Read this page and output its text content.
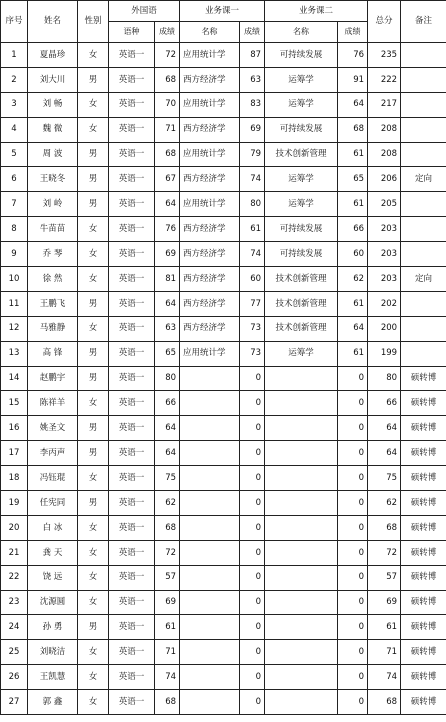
序号	姓名	性别	外国语		业务课一		业务课二		总分	备注
			语种	成绩	名称	成绩	名称	成绩		
1	夏晶珍	女	英语一	72	应用统计学	87	可持续发展	76	235	
2	刘大川	男	英语一	68	西方经济学	63	运筹学	91	222	
3	刘 畅	女	英语一	70	应用统计学	83	运筹学	64	217	
4	魏 微	女	英语一	71	西方经济学	69	可持续发展	68	208	
5	周 波	男	英语一	68	应用统计学	79	技术创新管理	61	208	
6	王晓冬	男	英语一	67	西方经济学	74	运筹学	65	206	定向
7	刘 岭	男	英语一	64	应用统计学	80	运筹学	61	205	
8	牛苗苗	女	英语一	76	西方经济学	61	可持续发展	66	203	
9	乔 琴	女	英语一	69	西方经济学	74	可持续发展	60	203	
10	徐 然	女	英语一	81	西方经济学	60	技术创新管理	62	203	定向
11	王鹏飞	男	英语一	64	西方经济学	77	技术创新管理	61	202	
12	马雅静	女	英语一	63	西方经济学	73	技术创新管理	64	200	
13	高 锋	男	英语一	65	应用统计学	73	运筹学	61	199	
14	赵鹏宇	男	英语一	80		0		0	80	硕转博
15	陈祥羊	女	英语一	66		0		0	66	硕转博
16	姚圣文	男	英语一	64		0		0	64	硕转博
17	李丙声	男	英语一	64		0		0	64	硕转博
18	冯钰琨	女	英语一	75		0		0	75	硕转博
19	任宪同	男	英语一	62		0		0	62	硕转博
20	白 冰	女	英语一	68		0		0	68	硕转博
21	龚 天	女	英语一	72		0		0	72	硕转博
22	饶 远	女	英语一	57		0		0	57	硕转博
23	沈源圆	女	英语一	69		0		0	69	硕转博
24	孙 勇	男	英语一	61		0		0	61	硕转博
25	刘晓洁	女	英语一	71		0		0	71	硕转博
26	王凯慧	女	英语一	74		0		0	74	硕转博
27	郭 鑫	女	英语一	68		0		0	68	硕转博
